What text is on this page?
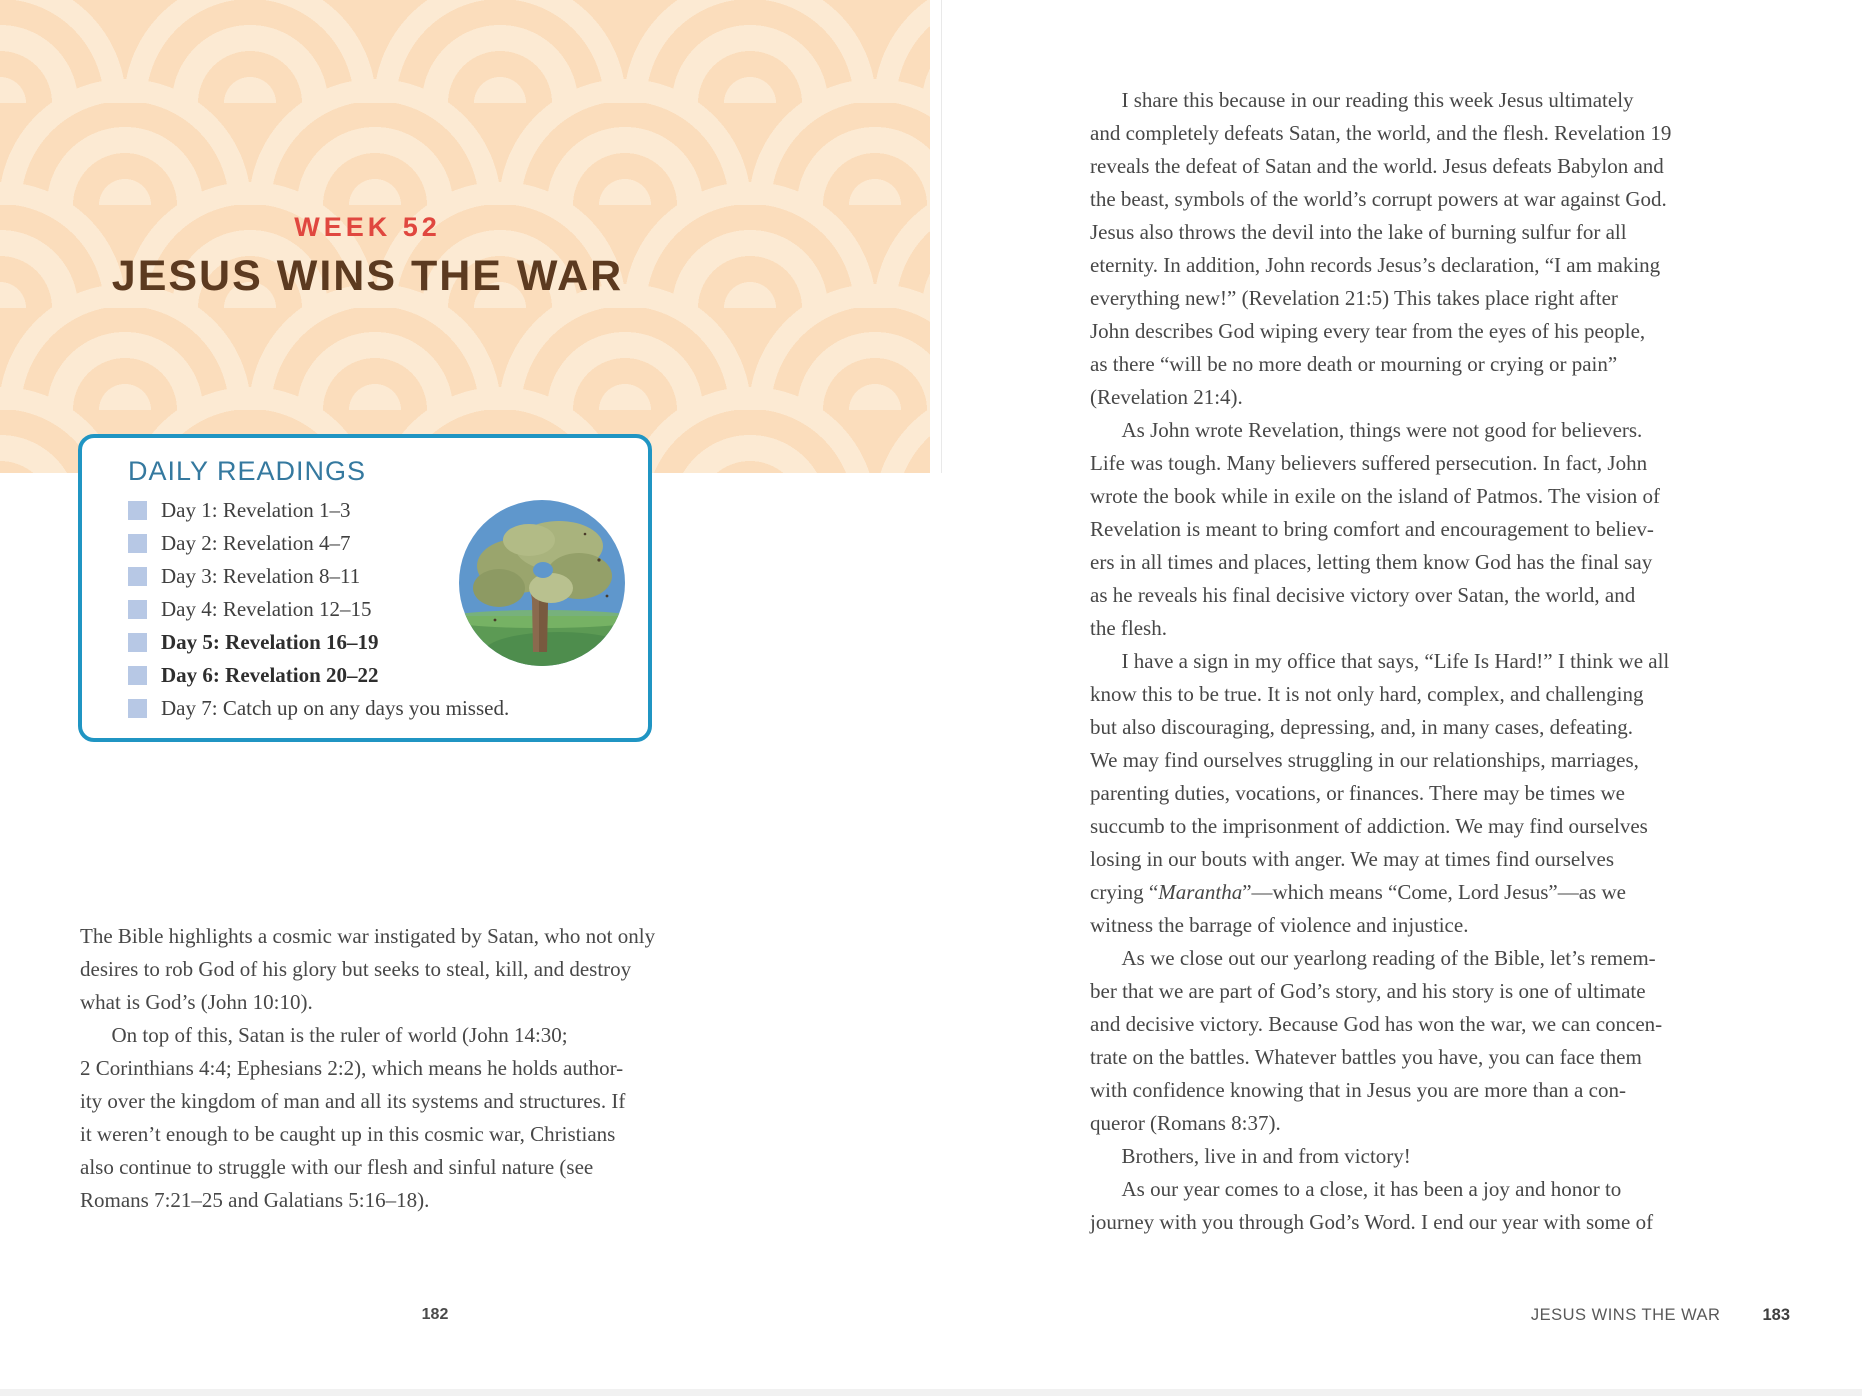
WEEK 52
JESUS WINS THE WAR
DAILY READINGS
Day 1: Revelation 1–3
Day 2: Revelation 4–7
Day 3: Revelation 8–11
Day 4: Revelation 12–15
Day 5: Revelation 16–19
Day 6: Revelation 20–22
Day 7: Catch up on any days you missed.
The Bible highlights a cosmic war instigated by Satan, who not only
desires to rob God of his glory but seeks to steal, kill, and destroy
what is God’s (John 10:10).
On top of this, Satan is the ruler of world (John 14:30;
2 Corinthians 4:4; Ephesians 2:2), which means he holds author-
ity over the kingdom of man and all its systems and structures. If
it weren’t enough to be caught up in this cosmic war, Christians
also continue to struggle with our flesh and sinful nature (see
Romans 7:21–25 and Galatians 5:16–18).
182
I share this because in our reading this week Jesus ultimately
and completely defeats Satan, the world, and the flesh. Revelation 19
reveals the defeat of Satan and the world. Jesus defeats Babylon and
the beast, symbols of the world’s corrupt powers at war against God.
Jesus also throws the devil into the lake of burning sulfur for all
eternity. In addition, John records Jesus’s declaration, “I am making
everything new!” (Revelation 21:5) This takes place right after
John describes God wiping every tear from the eyes of his people,
as there “will be no more death or mourning or crying or pain”
(Revelation 21:4).
As John wrote Revelation, things were not good for believers.
Life was tough. Many believers suffered persecution. In fact, John
wrote the book while in exile on the island of Patmos. The vision of
Revelation is meant to bring comfort and encouragement to believ-
ers in all times and places, letting them know God has the final say
as he reveals his final decisive victory over Satan, the world, and
the flesh.
I have a sign in my office that says, “Life Is Hard!” I think we all
know this to be true. It is not only hard, complex, and challenging
but also discouraging, depressing, and, in many cases, defeating.
We may find ourselves struggling in our relationships, marriages,
parenting duties, vocations, or finances. There may be times we
succumb to the imprisonment of addiction. We may find ourselves
losing in our bouts with anger. We may at times find ourselves
crying “Marantha”—which means “Come, Lord Jesus”—as we
witness the barrage of violence and injustice.
As we close out our yearlong reading of the Bible, let’s remem-
ber that we are part of God’s story, and his story is one of ultimate
and decisive victory. Because God has won the war, we can concen-
trate on the battles. Whatever battles you have, you can face them
with confidence knowing that in Jesus you are more than a con-
queror (Romans 8:37).
Brothers, live in and from victory!
As our year comes to a close, it has been a joy and honor to
journey with you through God’s Word. I end our year with some of
JESUS WINS THE WAR	183
